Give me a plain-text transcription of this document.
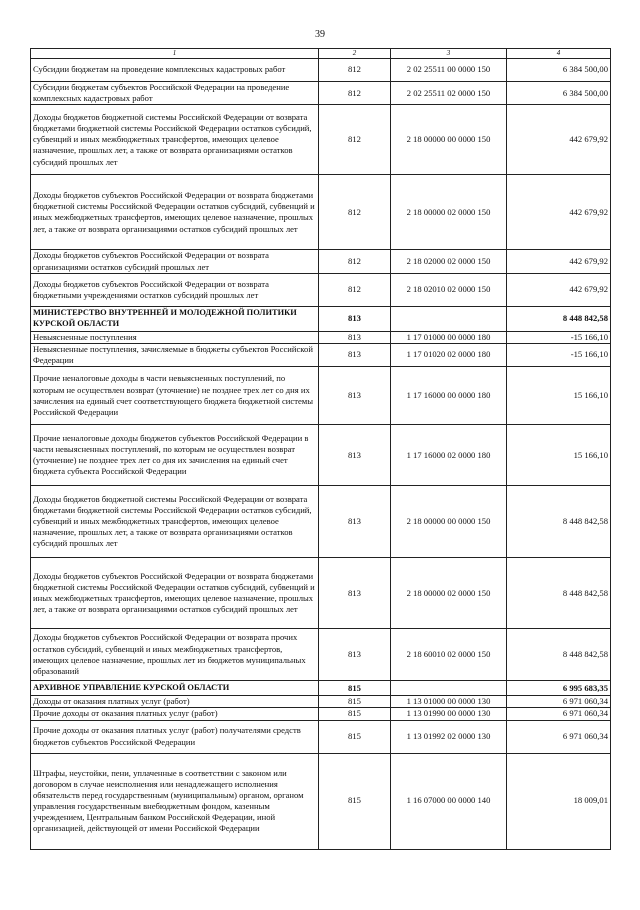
39
1	2	3	4
Субсидии бюджетам на проведение комплексных кадастровых работ	812	2 02 25511 00 0000 150	6 384 500,00
Субсидии бюджетам субъектов Российской Федерации на проведение комплексных кадастровых работ	812	2 02 25511 02 0000 150	6 384 500,00
Доходы бюджетов бюджетной системы Российской Федерации от возврата бюджетами бюджетной системы Российской Федерации остатков субсидий, субвенций и иных межбюджетных трансфертов, имеющих целевое назначение, прошлых лет, а также от возврата организациями остатков субсидий прошлых лет	812	2 18 00000 00 0000 150	442 679,92
Доходы бюджетов субъектов Российской Федерации от возврата бюджетами бюджетной системы Российской Федерации остатков субсидий, субвенций и иных межбюджетных трансфертов, имеющих целевое назначение, прошлых лет, а также от возврата организациями остатков субсидий прошлых лет	812	2 18 00000 02 0000 150	442 679,92
Доходы бюджетов субъектов Российской Федерации от возврата организациями остатков субсидий прошлых лет	812	2 18 02000 02 0000 150	442 679,92
Доходы бюджетов субъектов Российской Федерации от возврата бюджетными учреждениями остатков субсидий прошлых лет	812	2 18 02010 02 0000 150	442 679,92
МИНИСТЕРСТВО ВНУТРЕННЕЙ И МОЛОДЕЖНОЙ ПОЛИТИКИ КУРСКОЙ ОБЛАСТИ	813		8 448 842,58
Невыясненные поступления	813	1 17 01000 00 0000 180	-15 166,10
Невыясненные поступления, зачисляемые в бюджеты субъектов Российской Федерации	813	1 17 01020 02 0000 180	-15 166,10
Прочие неналоговые доходы в части невыясненных поступлений, по которым не осуществлен возврат (уточнение) не позднее трех лет со дня их зачисления на единый счет соответствующего бюджета бюджетной системы Российской Федерации	813	1 17 16000 00 0000 180	15 166,10
Прочие неналоговые доходы бюджетов субъектов Российской Федерации в части невыясненных поступлений, по которым не осуществлен возврат (уточнение) не позднее трех лет со дня их зачисления на единый счет бюджета субъекта Российской Федерации	813	1 17 16000 02 0000 180	15 166,10
Доходы бюджетов бюджетной системы Российской Федерации от возврата бюджетами бюджетной системы Российской Федерации остатков субсидий, субвенций и иных межбюджетных трансфертов, имеющих целевое назначение, прошлых лет, а также от возврата организациями остатков субсидий прошлых лет	813	2 18 00000 00 0000 150	8 448 842,58
Доходы бюджетов субъектов Российской Федерации от возврата бюджетами бюджетной системы Российской Федерации остатков субсидий, субвенций и иных межбюджетных трансфертов, имеющих целевое назначение, прошлых лет, а также от возврата организациями остатков субсидий прошлых лет	813	2 18 00000 02 0000 150	8 448 842,58
Доходы бюджетов субъектов Российской Федерации от возврата прочих остатков субсидий, субвенций и иных межбюджетных трансфертов, имеющих целевое назначение, прошлых лет из бюджетов муниципальных образований	813	2 18 60010 02 0000 150	8 448 842,58
АРХИВНОЕ УПРАВЛЕНИЕ КУРСКОЙ ОБЛАСТИ	815		6 995 683,35
Доходы от оказания платных услуг (работ)	815	1 13 01000 00 0000 130	6 971 060,34
Прочие доходы от оказания платных услуг (работ)	815	1 13 01990 00 0000 130	6 971 060,34
Прочие доходы от оказания платных услуг (работ) получателями средств бюджетов субъектов Российской Федерации	815	1 13 01992 02 0000 130	6 971 060,34
Штрафы, неустойки, пени, уплаченные в соответствии с законом или договором в случае неисполнения или ненадлежащего исполнения обязательств перед государственным (муниципальным) органом, органом управления государственным внебюджетным фондом, казенным учреждением, Центральным банком Российской Федерации, иной организацией, действующей от имени Российской Федерации	815	1 16 07000 00 0000 140	18 009,01
